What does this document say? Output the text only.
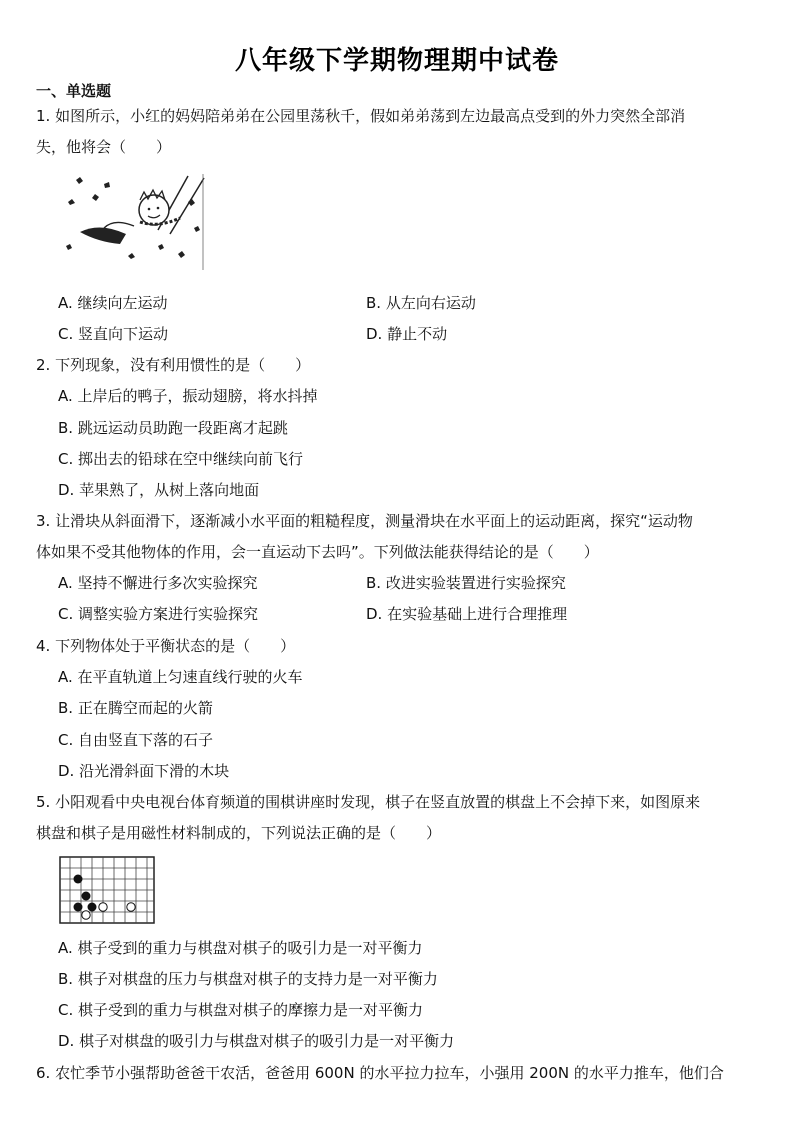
八年级下学期物理期中试卷
一、单选题
1. 如图所示，小红的妈妈陪弟弟在公园里荡秋千，假如弟弟荡到左边最高点受到的外力突然全部消
失，他将会（　　）
A. 继续向左运动	B. 从左向右运动
C. 竖直向下运动	D. 静止不动
2. 下列现象，没有利用惯性的是（　　）
A. 上岸后的鸭子，振动翅膀，将水抖掉
B. 跳远运动员助跑一段距离才起跳
C. 掷出去的铅球在空中继续向前飞行
D. 苹果熟了，从树上落向地面
3. 让滑块从斜面滑下，逐渐减小水平面的粗糙程度，测量滑块在水平面上的运动距离，探究“运动物
体如果不受其他物体的作用，会一直运动下去吗”。下列做法能获得结论的是（　　）
A. 坚持不懈进行多次实验探究	B. 改进实验装置进行实验探究
C. 调整实验方案进行实验探究	D. 在实验基础上进行合理推理
4. 下列物体处于平衡状态的是（　　）
A. 在平直轨道上匀速直线行驶的火车
B. 正在腾空而起的火箭
C. 自由竖直下落的石子
D. 沿光滑斜面下滑的木块
5. 小阳观看中央电视台体育频道的围棋讲座时发现，棋子在竖直放置的棋盘上不会掉下来，如图原来
棋盘和棋子是用磁性材料制成的，下列说法正确的是（　　）
A. 棋子受到的重力与棋盘对棋子的吸引力是一对平衡力
B. 棋子对棋盘的压力与棋盘对棋子的支持力是一对平衡力
C. 棋子受到的重力与棋盘对棋子的摩擦力是一对平衡力
D. 棋子对棋盘的吸引力与棋盘对棋子的吸引力是一对平衡力
6. 农忙季节小强帮助爸爸干农活，爸爸用 600N 的水平拉力拉车，小强用 200N 的水平力推车，他们合
